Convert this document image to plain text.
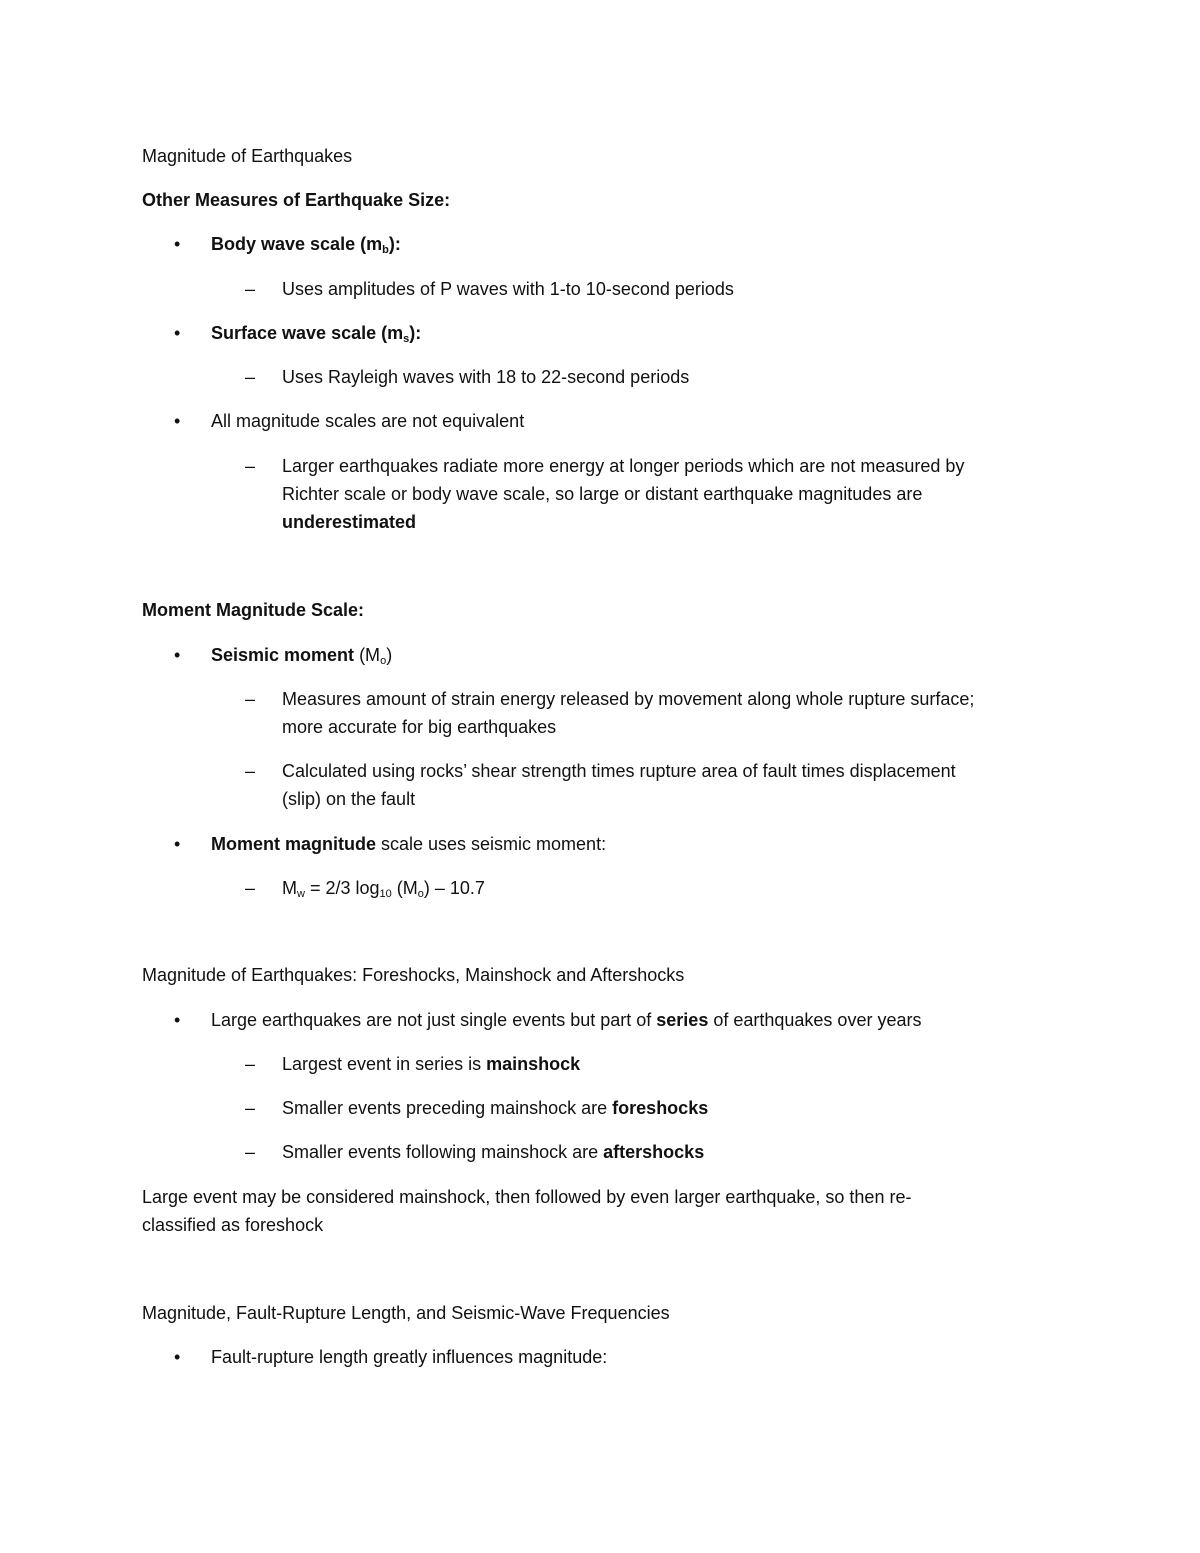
Magnitude of Earthquakes
Other Measures of Earthquake Size:
• Body wave scale $(m_b)$:
– Uses amplitudes of P waves with 1-to 10-second periods
• Surface wave scale $(m_s)$:
– Uses Rayleigh waves with 18 to 22-second periods
• All magnitude scales are not equivalent
– Larger earthquakes radiate more energy at longer periods which are not measured by
Richter scale or body wave scale, so large or distant earthquake magnitudes are
underestimated
Moment Magnitude Scale:
• Seismic moment $(M_o)$
– Measures amount of strain energy released by movement along whole rupture surface;
more accurate for big earthquakes
– Calculated using rocks’ shear strength times rupture area of fault times displacement
(slip) on the fault
• Moment magnitude scale uses seismic moment:
– $M_w = 2/3$ $\log_{10} (M_o) - 10.7$
Magnitude of Earthquakes: Foreshocks, Mainshock and Aftershocks
• Large earthquakes are not just single events but part of series of earthquakes over years
– Largest event in series is mainshock
– Smaller events preceding mainshock are foreshocks
– Smaller events following mainshock are aftershocks
Large event may be considered mainshock, then followed by even larger earthquake, so then re-
classified as foreshock
Magnitude, Fault-Rupture Length, and Seismic-Wave Frequencies
• Fault-rupture length greatly influences magnitude:
